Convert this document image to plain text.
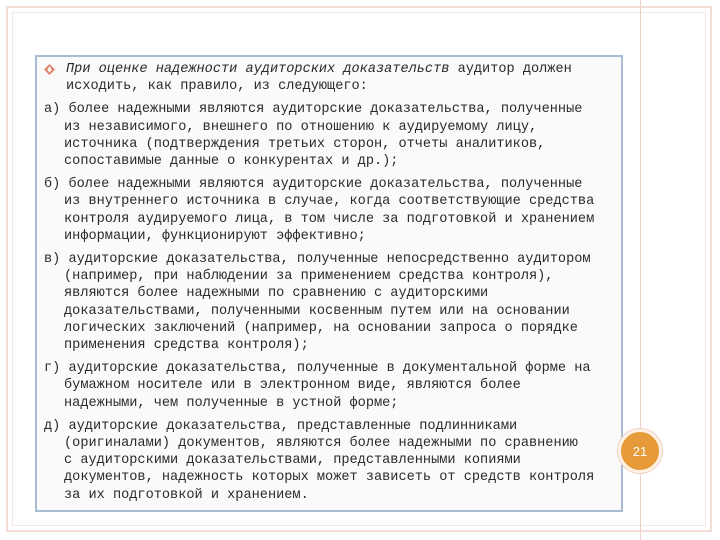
При оценке надежности аудиторских доказательств аудитор должен
исходить, как правило, из следующего:
а) более надежными являются аудиторские доказательства, полученные
из независимого, внешнего по отношению к аудируемому лицу,
источника (подтверждения третьих сторон, отчеты аналитиков,
сопоставимые данные о конкурентах и др.);
б) более надежными являются аудиторские доказательства, полученные
из внутреннего источника в случае, когда соответствующие средства
контроля аудируемого лица, в том числе за подготовкой и хранением
информации, функционируют эффективно;
в) аудиторские доказательства, полученные непосредственно аудитором
(например, при наблюдении за применением средства контроля),
являются более надежными по сравнению с аудиторскими
доказательствами, полученными косвенным путем или на основании
логических заключений (например, на основании запроса о порядке
применения средства контроля);
г) аудиторские доказательства, полученные в документальной форме на
бумажном носителе или в электронном виде, являются более
надежными, чем полученные в устной форме;
д) аудиторские доказательства, представленные подлинниками
(оригиналами) документов, являются более надежными по сравнению
с аудиторскими доказательствами, представленными копиями
документов, надежность которых может зависеть от средств контроля
за их подготовкой и хранением.
21
